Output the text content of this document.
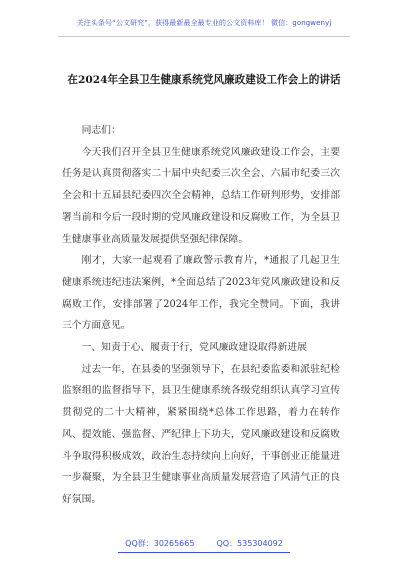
关注头条号“公文研究”，获得最新最全最专业的公文资料库！ 微信：gongwenyj
在2024年全县卫生健康系统党风廉政建设工作会上的讲话

同志们：

今天我们召开全县卫生健康系统党风廉政建设工作会，主要任务是认真贯彻落实二十届中央纪委三次全会、六届市纪委三次全会和十五届县纪委四次全会精神，总结工作研判形势，安排部署当前和今后一段时期的党风廉政建设和反腐败工作，为全县卫生健康事业高质量发展提供坚强纪律保障。

刚才，大家一起观看了廉政警示教育片，*通报了几起卫生健康系统违纪违法案例，*全面总结了2023年党风廉政建设和反腐败工作，安排部署了2024年工作，我完全赞同。下面，我讲三个方面意见。

一、知责于心、履责于行，党风廉政建设取得新进展

过去一年，在县委的坚强领导下，在县纪委监委和派驻纪检监察组的监督指导下，县卫生健康系统各级党组织认真学习宣传贯彻党的二十大精神，紧紧围绕*总体工作思路，着力在转作风、提效能、强监督、严纪律上下功夫，党风廉政建设和反腐败斗争取得积极成效，政治生态持续向上向好，干事创业正能量进一步凝聚，为全县卫生健康事业高质量发展营造了风清气正的良好氛围。

QQ群：30265665	QQ：535304092
